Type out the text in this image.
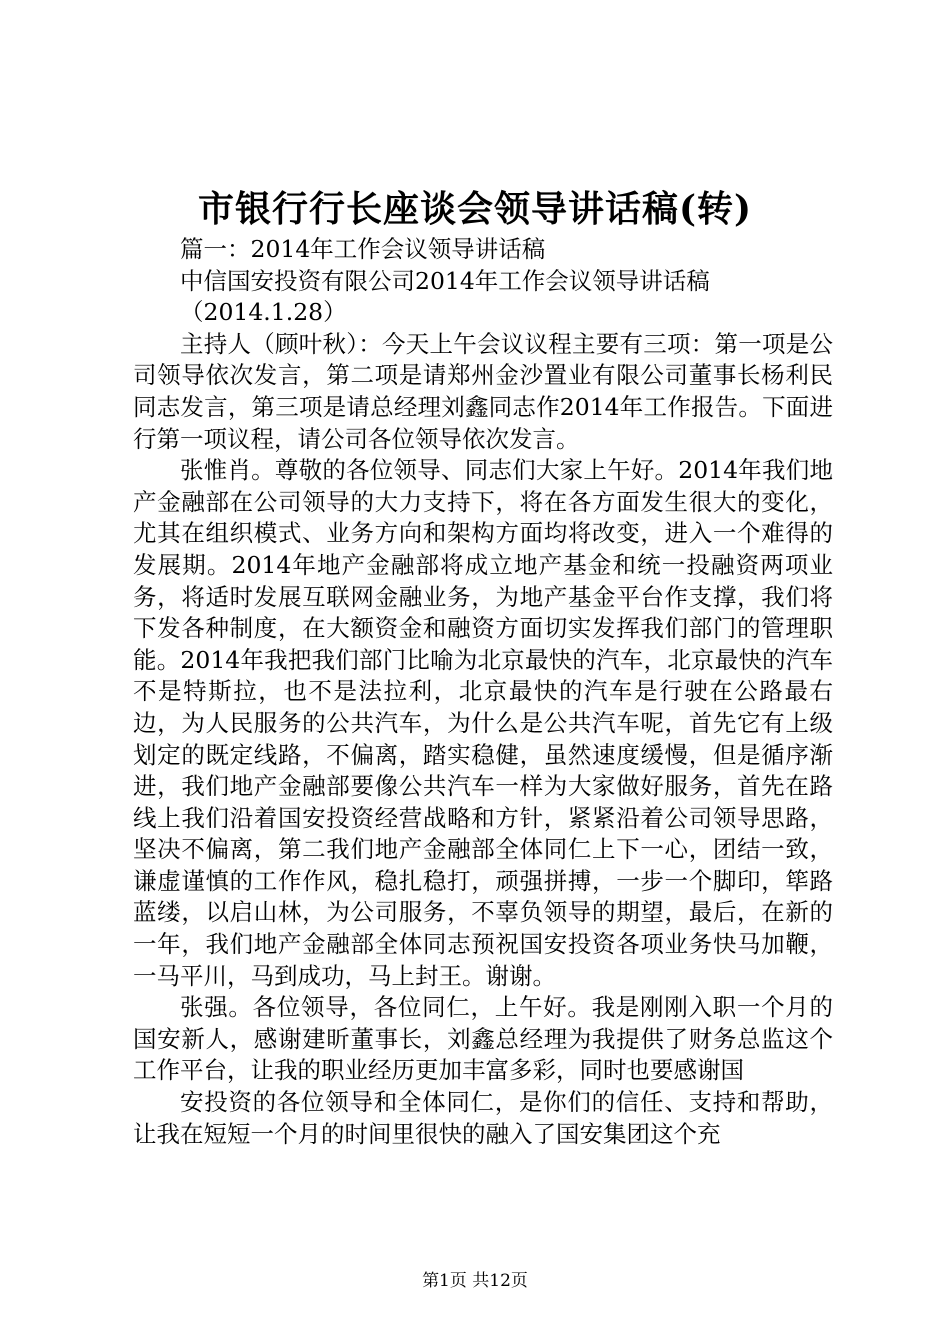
市银行行长座谈会领导讲话稿(转)

篇一：2014年工作会议领导讲话稿

中信国安投资有限公司2014年工作会议领导讲话稿

（2014.1.28）

主持人（顾叶秋）：今天上午会议议程主要有三项：第一项是公司领导依次发言，第二项是请郑州金沙置业有限公司董事长杨利民同志发言，第三项是请总经理刘鑫同志作2014年工作报告。下面进行第一项议程，请公司各位领导依次发言。

张惟肖。尊敬的各位领导、同志们大家上午好。2014年我们地产金融部在公司领导的大力支持下，将在各方面发生很大的变化，尤其在组织模式、业务方向和架构方面均将改变，进入一个难得的发展期。2014年地产金融部将成立地产基金和统一投融资两项业务，将适时发展互联网金融业务，为地产基金平台作支撑，我们将下发各种制度，在大额资金和融资方面切实发挥我们部门的管理职能。2014年我把我们部门比喻为北京最快的汽车，北京最快的汽车不是特斯拉，也不是法拉利，北京最快的汽车是行驶在公路最右边，为人民服务的公共汽车，为什么是公共汽车呢，首先它有上级划定的既定线路，不偏离，踏实稳健，虽然速度缓慢，但是循序渐进，我们地产金融部要像公共汽车一样为大家做好服务，首先在路线上我们沿着国安投资经营战略和方针，紧紧沿着公司领导思路，坚决不偏离，第二我们地产金融部全体同仁上下一心，团结一致，谦虚谨慎的工作作风，稳扎稳打，顽强拼搏，一步一个脚印，筚路蓝缕，以启山林，为公司服务，不辜负领导的期望，最后，在新的一年，我们地产金融部全体同志预祝国安投资各项业务快马加鞭，一马平川，马到成功，马上封王。谢谢。

张强。各位领导，各位同仁，上午好。我是刚刚入职一个月的国安新人，感谢建昕董事长，刘鑫总经理为我提供了财务总监这个工作平台，让我的职业经历更加丰富多彩，同时也要感谢国

安投资的各位领导和全体同仁，是你们的信任、支持和帮助，让我在短短一个月的时间里很快的融入了国安集团这个充

第1页 共12页
